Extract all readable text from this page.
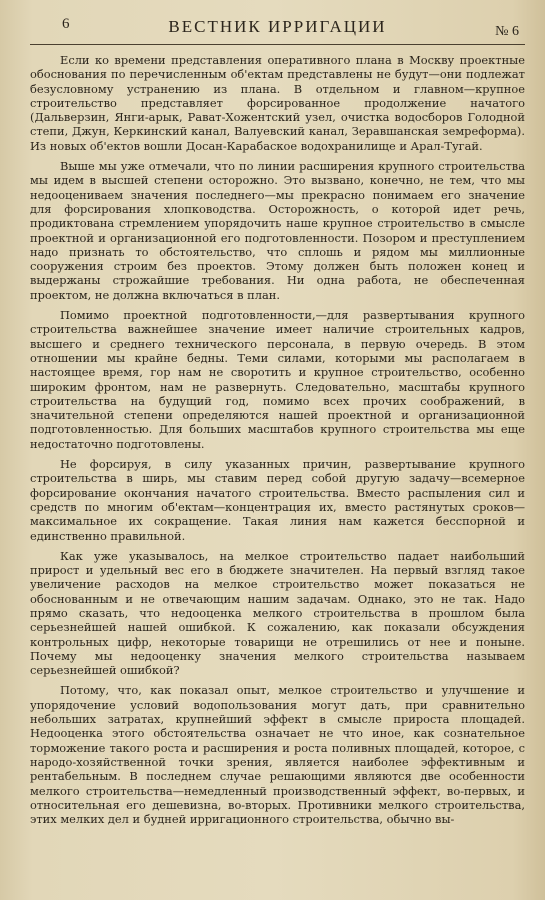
6	ВЕСТНИК ИРРИГАЦИИ	№ 6

Если ко времени представления оперативного плана в Москву проектные обоснования по перечисленным об'ектам представлены не будут—они подлежат безусловному устранению из плана. В отдельном и главном—крупное строительство представляет форсированное продолжение начатого (Дальверзин, Янги-арык, Рават-Хожентский узел, очистка водосборов Голодной степи, Джун, Керкинский канал, Валуевский канал, Зеравшанская земреформа). Из новых об'ектов вошли Досан-Карабаское водохранилище и Арал-Тугай.

Выше мы уже отмечали, что по линии расширения крупного строительства мы идем в высшей степени осторожно. Это вызвано, конечно, не тем, что мы недооцениваем значения последнего—мы прекрасно понимаем его значение для форсирования хлопководства. Осторожность, о которой идет речь, продиктована стремлением упорядочить наше крупное строительство в смысле проектной и организационной его подготовленности. Позором и преступлением надо признать то обстоятельство, что сплошь и рядом мы миллионные сооружения строим без проектов. Этому должен быть положен конец и выдержаны строжайшие требования. Ни одна работа, не обеспеченная проектом, не должна включаться в план.

Помимо проектной подготовленности,—для развертывания крупного строительства важнейшее значение имеет наличие строительных кадров, высшего и среднего технического персонала, в первую очередь. В этом отношении мы крайне бедны. Теми силами, которыми мы располагаем в настоящее время, гор нам не своротить и крупное строительство, особенно широким фронтом, нам не развернуть. Следовательно, масштабы крупного строительства на будущий год, помимо всех прочих соображений, в значительной степени определяются нашей проектной и организационной подготовленностью. Для больших масштабов крупного строительства мы еще недостаточно подготовлены.

Не форсируя, в силу указанных причин, развертывание крупного строительства в ширь, мы ставим перед собой другую задачу—всемерное форсирование окончания начатого строительства. Вместо распыления сил и средств по многим об'ектам—концентрация их, вместо растянутых сроков—максимальное их сокращение. Такая линия нам кажется бесспорной и единственно правильной.

Как уже указывалось, на мелкое строительство падает наибольший прирост и удельный вес его в бюджете значителен. На первый взгляд такое увеличение расходов на мелкое строительство может показаться не обоснованным и не отвечающим нашим задачам. Однако, это не так. Надо прямо сказать, что недооценка мелкого строительства в прошлом была серьезнейшей нашей ошибкой. К сожалению, как показали обсуждения контрольных цифр, некоторые товарищи не отрешились от нее и поныне. Почему мы недооценку значения мелкого строительства называем серьезнейшей ошибкой?

Потому, что, как показал опыт, мелкое строительство и улучшение и упорядочение условий водопользования могут дать, при сравнительно небольших затратах, крупнейший эффект в смысле прироста площадей. Недооценка этого обстоятельства означает не что иное, как сознательное торможение такого роста и расширения и роста поливных площадей, которое, с народо-хозяйственной точки зрения, является наиболее эффективным и рентабельным. В последнем случае решающими являются две особенности мелкого строительства—немедленный производственный эффект, во-первых, и относительная его дешевизна, во-вторых. Противники мелкого строительства, этих мелких дел и будней ирригационного строительства, обычно вы-
